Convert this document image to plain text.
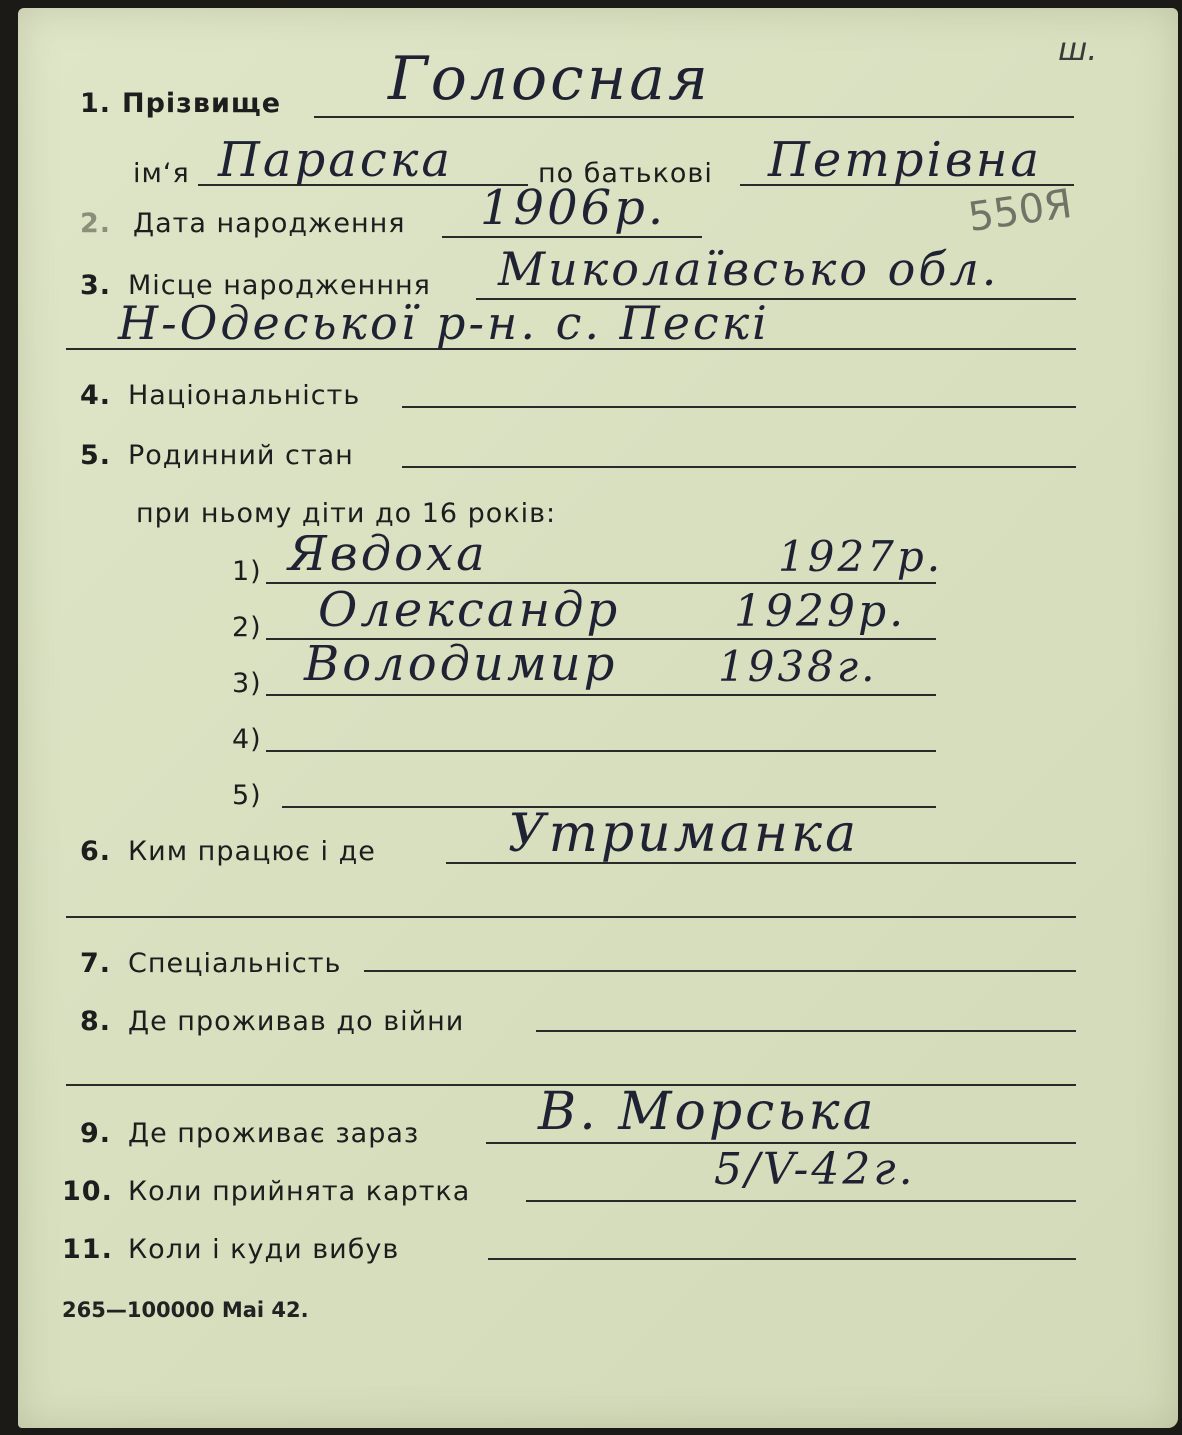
ш.
550Я
1. Прізвище Голосная
ім‘я Параска	по батькові Петрівна
2. Дата народження 1906р.
3. Місце народженння Миколаївсько обл.
Н-Одеської р-н. с. Пескі
4. Національність
5. Родинний стан
при ньому діти до 16 років:
1) Явдоха	1927р.
2) Олександр	1929р.
3) Володимир 1938г.
4)
5)
6. Ким працює і де	Утриманка
7. Спеціальність
8. Де проживав до війни
9. Де проживає зараз В. Морська
10. Коли прийнята картка	5/V-42г.
11. Коли і куди вибув
265—100000 Mai 42.
